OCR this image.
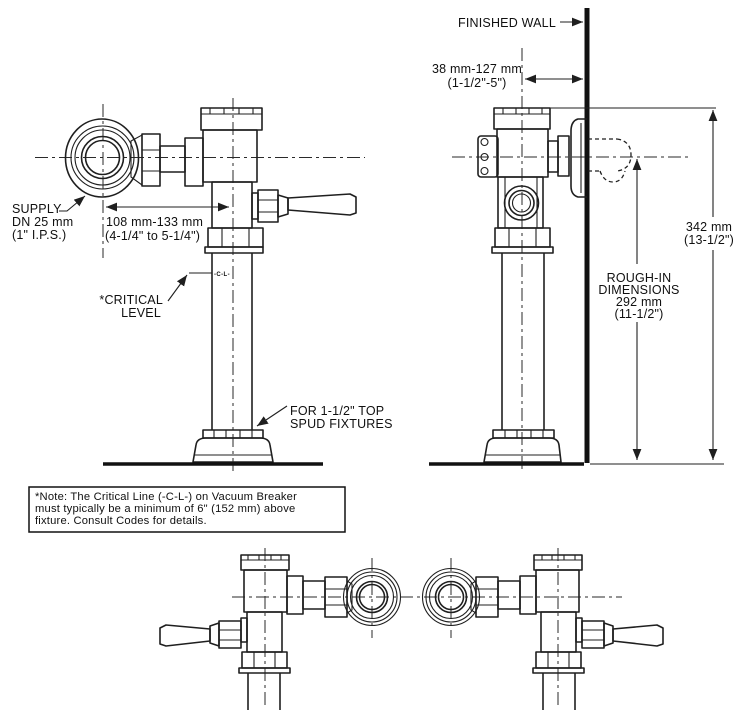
-C-L-
108 mm-133 mm
(4-1/4" to 5-1/4")
SUPPLY
DN 25 mm
(1" I.P.S.)
*CRITICAL
LEVEL
FOR 1-1/2" TOP
SPUD FIXTURES
FINISHED WALL
38 mm-127 mm
(1-1/2"-5")
ROUGH-IN
DIMENSIONS
292 mm
(11-1/2")
342 mm
(13-1/2")
*Note: The Critical Line (-C-L-) on Vacuum Breaker
must typically be a minimum of 6" (152 mm) above
fixture. Consult Codes for details.
